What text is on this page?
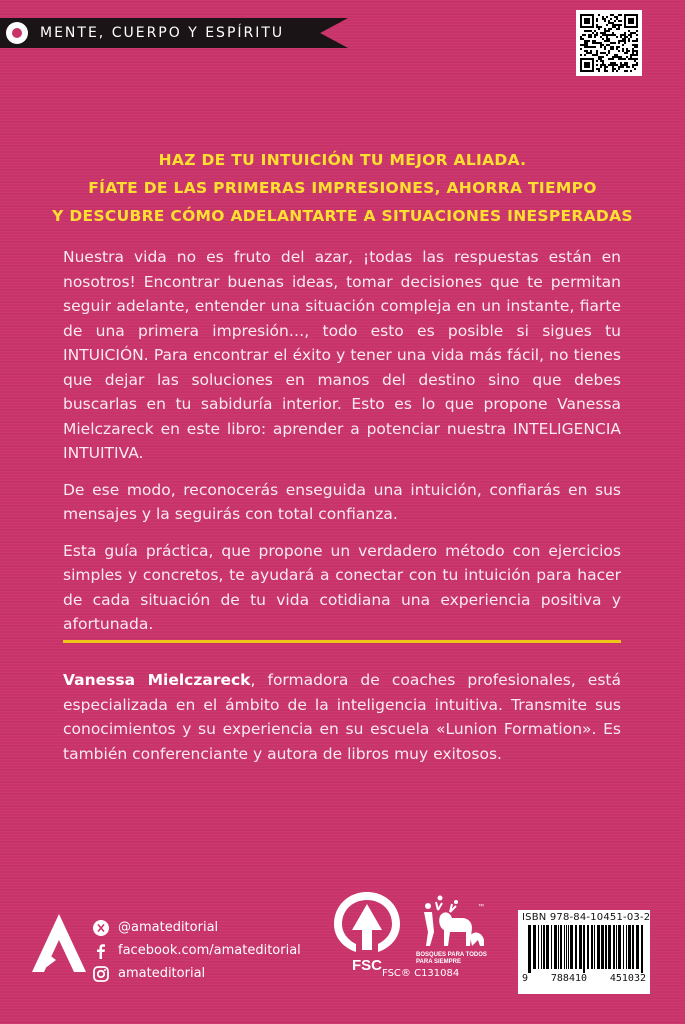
MENTE, CUERPO Y ESPÍRITU
HAZ DE TU INTUICIÓN TU MEJOR ALIADA.
FÍATE DE LAS PRIMERAS IMPRESIONES, AHORRA TIEMPO
Y DESCUBRE CÓMO ADELANTARTE A SITUACIONES INESPERADAS

Nuestra vida no es fruto del azar, ¡todas las respuestas están en nosotros! Encontrar buenas ideas, tomar decisiones que te permitan seguir adelante, entender una situación compleja en un instante, fiarte de una primera impresión…, todo esto es posible si sigues tu INTUICIÓN. Para encontrar el éxito y tener una vida más fácil, no tienes que dejar las soluciones en manos del destino sino que debes buscarlas en tu sabiduría interior. Esto es lo que propone Vanessa Mielczareck en este libro: aprender a potenciar nuestra INTELIGENCIA INTUITIVA.

De ese modo, reconocerás enseguida una intuición, confiarás en sus mensajes y la seguirás con total confianza.

Esta guía práctica, que propone un verdadero método con ejercicios simples y concretos, te ayudará a conectar con tu intuición para hacer de cada situación de tu vida cotidiana una experiencia positiva y afortunada.

Vanessa Mielczareck, formadora de coaches profesionales, está especializada en el ámbito de la inteligencia intuitiva. Transmite sus conocimientos y su experiencia en su escuela «Lunion Formation». Es también conferenciante y autora de libros muy exitosos.
@amateditorial
facebook.com/amateditorial
amateditorial	FSC FSC® C131084
BOSQUES PARA TODOS
PARA SIEMPRE
™
ISBN 978-84-10451-03-2
9 788410 451032
